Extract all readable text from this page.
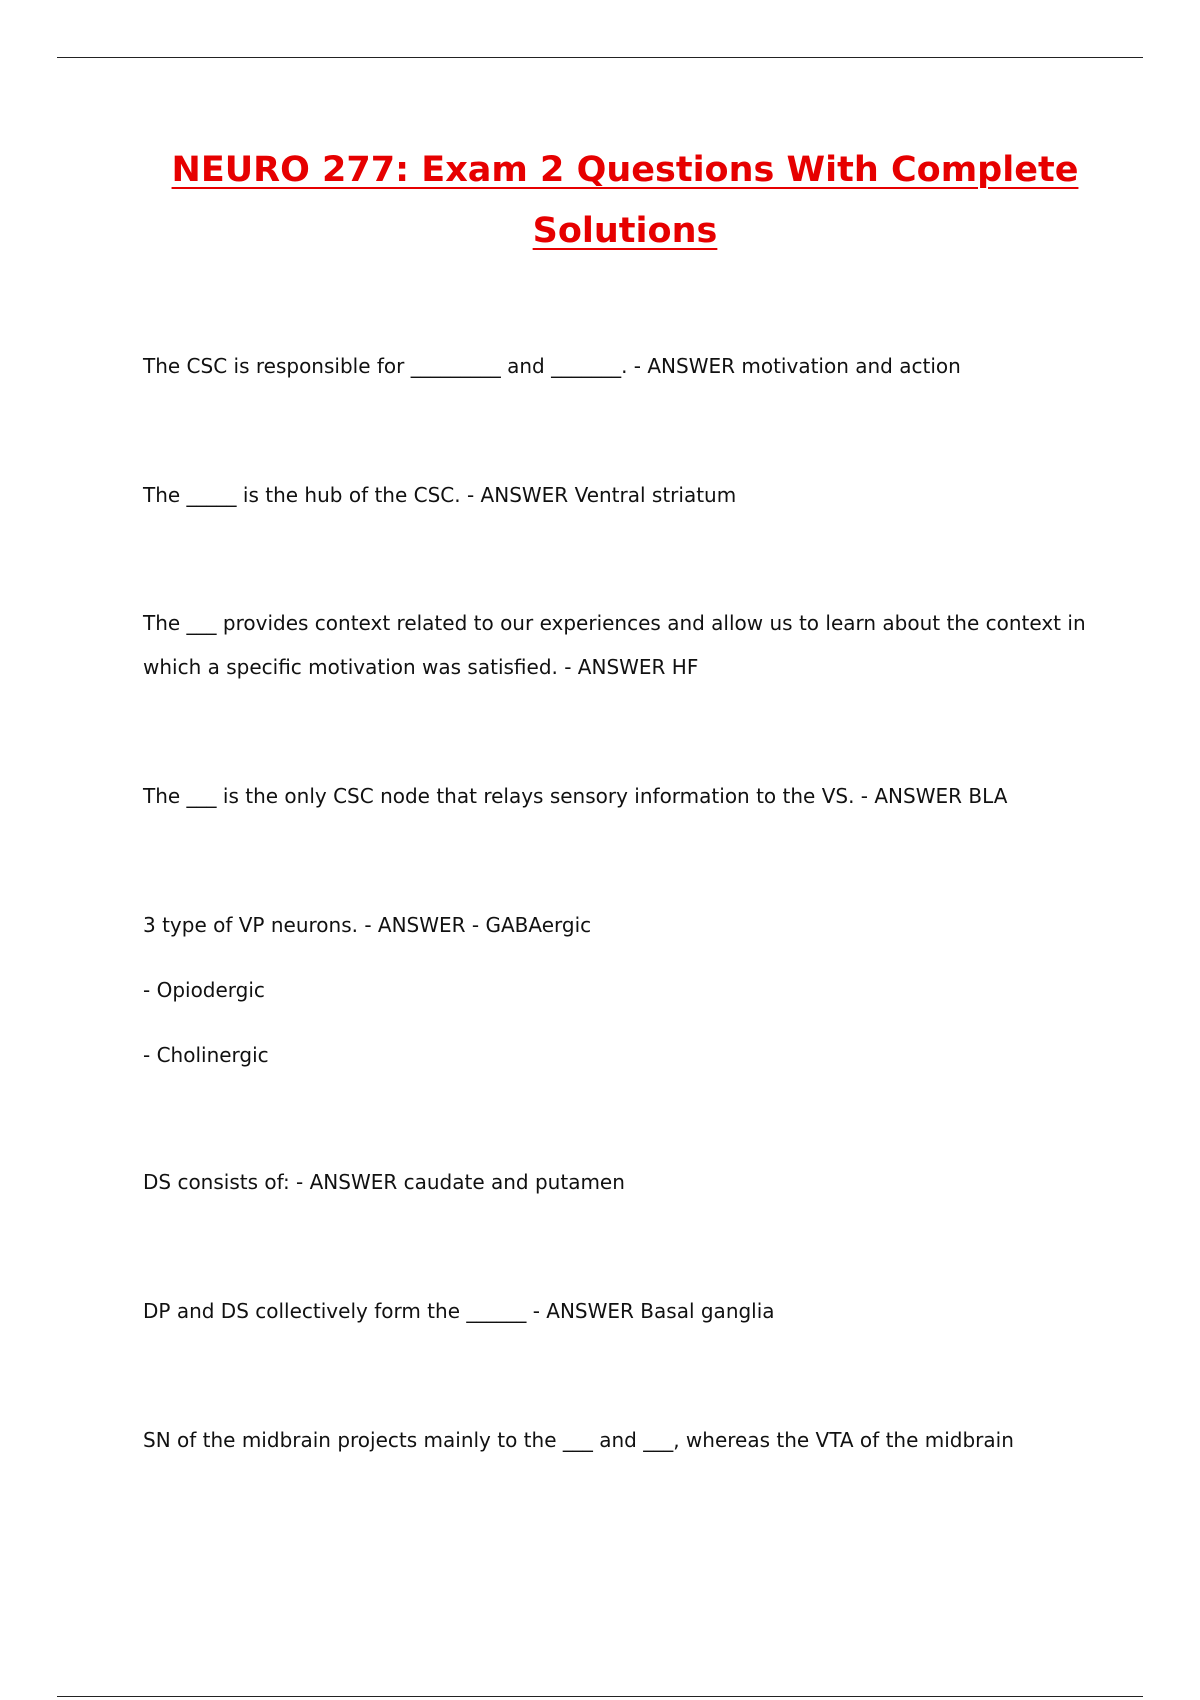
NEURO 277: Exam 2 Questions With Complete
Solutions
The CSC is responsible for _________ and _______. - ANSWER motivation and action
The _____ is the hub of the CSC. - ANSWER Ventral striatum
The ___ provides context related to our experiences and allow us to learn about the context in which a specific motivation was satisfied. - ANSWER HF
The ___ is the only CSC node that relays sensory information to the VS. - ANSWER BLA
3 type of VP neurons. - ANSWER - GABAergic
- Opiodergic
- Cholinergic
DS consists of: - ANSWER caudate and putamen
DP and DS collectively form the ______ - ANSWER Basal ganglia
SN of the midbrain projects mainly to the ___ and ___, whereas the VTA of the midbrain
